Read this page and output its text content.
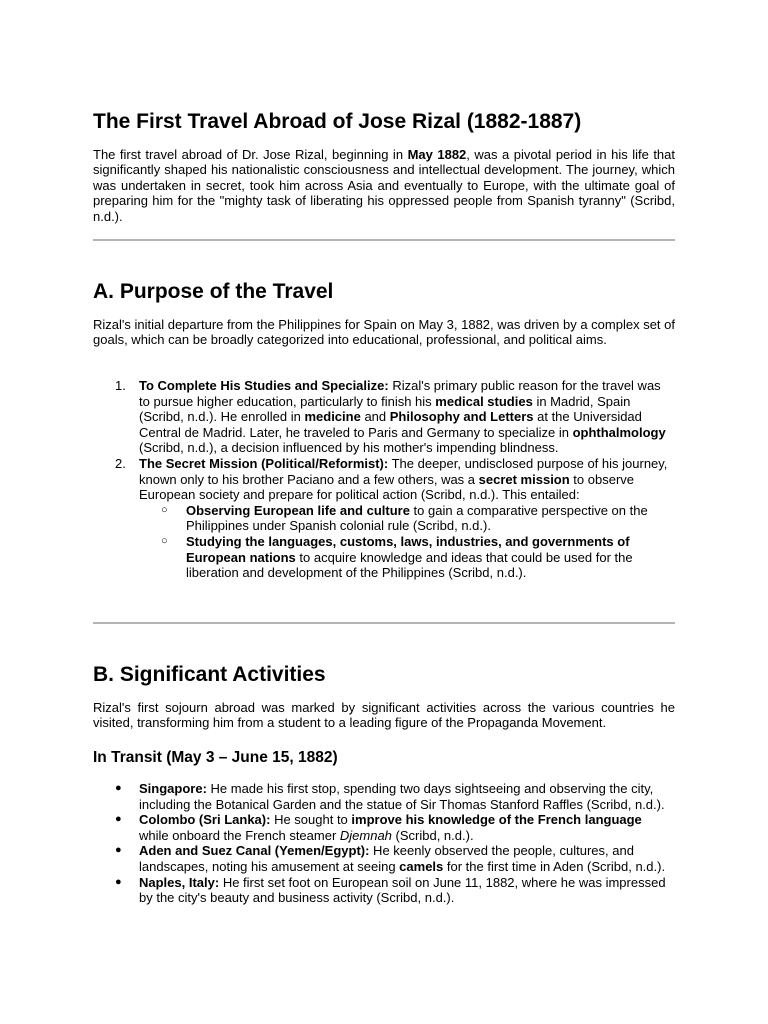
The First Travel Abroad of Jose Rizal (1882-1887)

The first travel abroad of Dr. Jose Rizal, beginning in May 1882, was a pivotal period in his life that significantly shaped his nationalistic consciousness and intellectual development. The journey, which was undertaken in secret, took him across Asia and eventually to Europe, with the ultimate goal of preparing him for the "mighty task of liberating his oppressed people from Spanish tyranny" (Scribd, n.d.).

A. Purpose of the Travel

Rizal's initial departure from the Philippines for Spain on May 3, 1882, was driven by a complex set of goals, which can be broadly categorized into educational, professional, and political aims.

1. To Complete His Studies and Specialize: Rizal's primary public reason for the travel was to pursue higher education, particularly to finish his medical studies in Madrid, Spain (Scribd, n.d.). He enrolled in medicine and Philosophy and Letters at the Universidad Central de Madrid. Later, he traveled to Paris and Germany to specialize in ophthalmology (Scribd, n.d.), a decision influenced by his mother's impending blindness.
2. The Secret Mission (Political/Reformist): The deeper, undisclosed purpose of his journey, known only to his brother Paciano and a few others, was a secret mission to observe European society and prepare for political action (Scribd, n.d.). This entailed:
○ Observing European life and culture to gain a comparative perspective on the Philippines under Spanish colonial rule (Scribd, n.d.).
○ Studying the languages, customs, laws, industries, and governments of European nations to acquire knowledge and ideas that could be used for the liberation and development of the Philippines (Scribd, n.d.).
B. Significant Activities

Rizal's first sojourn abroad was marked by significant activities across the various countries he visited, transforming him from a student to a leading figure of the Propaganda Movement.

In Transit (May 3 – June 15, 1882)
● Singapore: He made his first stop, spending two days sightseeing and observing the city, including the Botanical Garden and the statue of Sir Thomas Stanford Raffles (Scribd, n.d.).
● Colombo (Sri Lanka): He sought to improve his knowledge of the French language while onboard the French steamer Djemnah (Scribd, n.d.).
● Aden and Suez Canal (Yemen/Egypt): He keenly observed the people, cultures, and landscapes, noting his amusement at seeing camels for the first time in Aden (Scribd, n.d.).
● Naples, Italy: He first set foot on European soil on June 11, 1882, where he was impressed by the city's beauty and business activity (Scribd, n.d.).
